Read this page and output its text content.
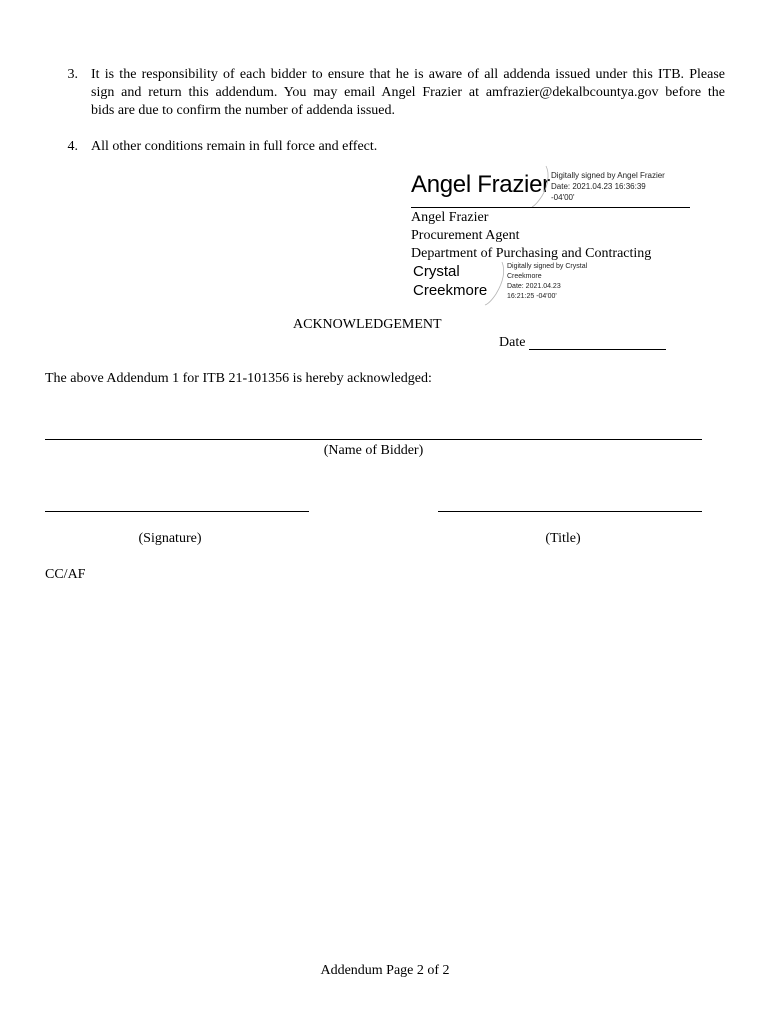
3. It is the responsibility of each bidder to ensure that he is aware of all addenda issued under this ITB. Please
sign and return this addendum. You may email Angel Frazier at amfrazier@dekalbcountya.gov before the
bids are due to confirm the number of addenda issued.
4. All other conditions remain in full force and effect.
Angel Frazier Digitally signed by Angel Frazier
Date: 2021.04.23 16:36:39
-04'00'
Angel Frazier
Procurement Agent
Department of Purchasing and Contracting
Crystal
Creekmore
Digitally signed by Crystal
Creekmore
Date: 2021.04.23
16:21:25 -04'00'
ACKNOWLEDGEMENT
Date
The above Addendum 1 for ITB 21-101356 is hereby acknowledged:
(Name of Bidder)
(Signature)	(Title)
CC/AF
Addendum Page 2 of 2
